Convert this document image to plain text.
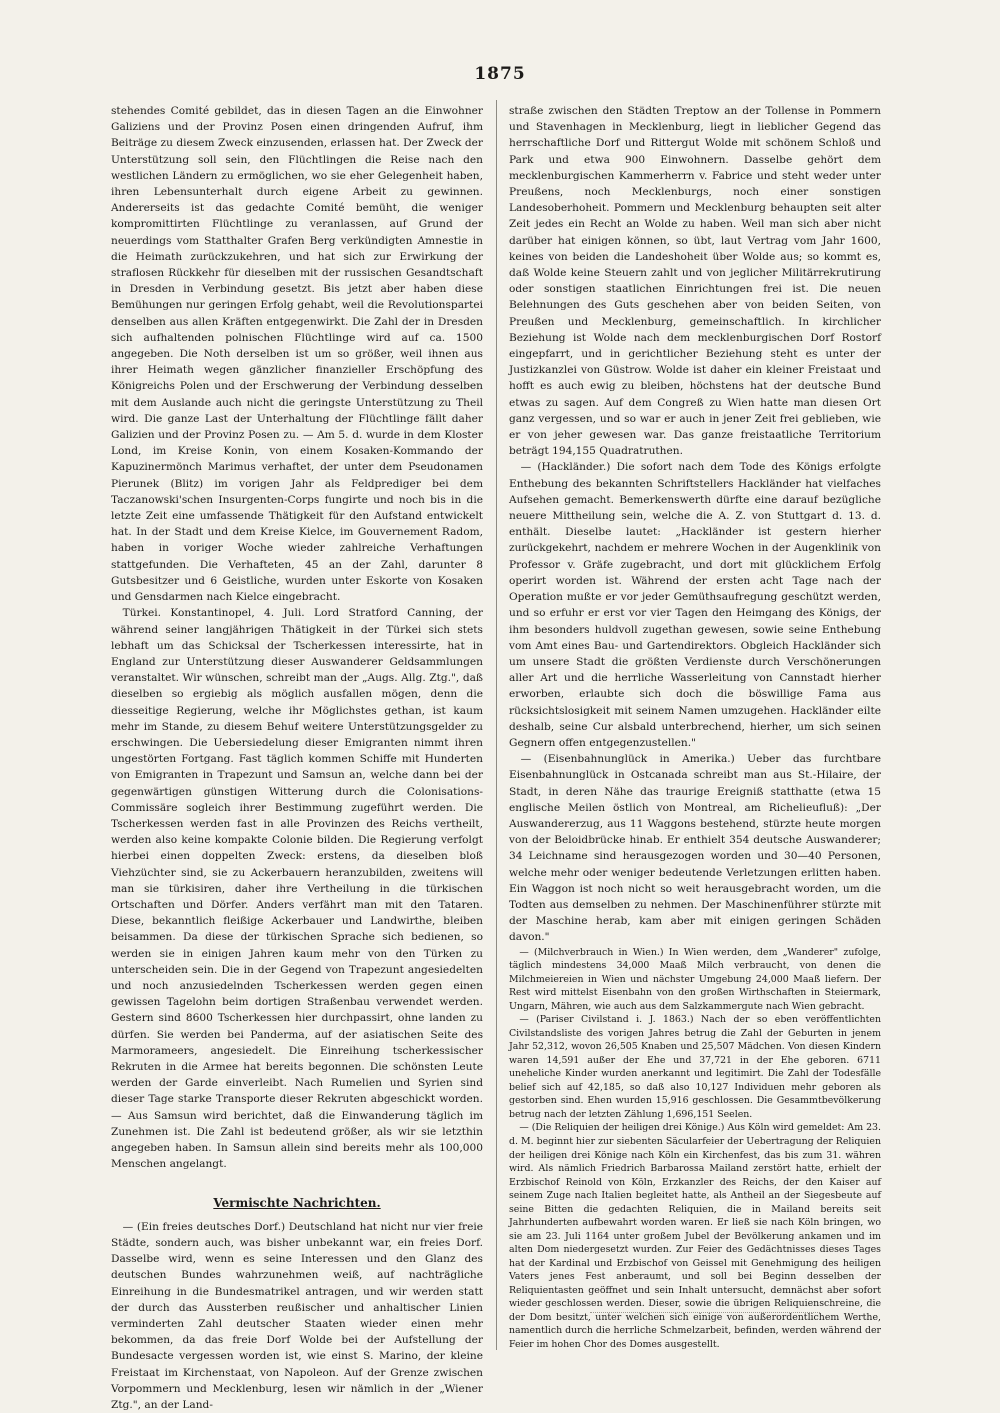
1875

stehendes Comité gebildet, das in diesen Tagen an die Einwohner Galiziens und der Provinz Posen einen dringenden Aufruf, ihm Beiträge zu diesem Zweck einzusenden, erlassen hat. Der Zweck der Unterstützung soll sein, den Flüchtlingen die Reise nach den westlichen Ländern zu ermöglichen, wo sie eher Gelegenheit haben, ihren Lebensunterhalt durch eigene Arbeit zu gewinnen. Andererseits ist das gedachte Comité bemüht, die weniger kompromittirten Flüchtlinge zu veranlassen, auf Grund der neuerdings vom Statthalter Grafen Berg verkündigten Amnestie in die Heimath zurückzukehren, und hat sich zur Erwirkung der straflosen Rückkehr für dieselben mit der russischen Gesandtschaft in Dresden in Verbindung gesetzt. Bis jetzt aber haben diese Bemühungen nur geringen Erfolg gehabt, weil die Revolutionspartei denselben aus allen Kräften entgegenwirkt. Die Zahl der in Dresden sich aufhaltenden polnischen Flüchtlinge wird auf ca. 1500 angegeben. Die Noth derselben ist um so größer, weil ihnen aus ihrer Heimath wegen gänzlicher finanzieller Erschöpfung des Königreichs Polen und der Erschwerung der Verbindung desselben mit dem Auslande auch nicht die geringste Unterstützung zu Theil wird. Die ganze Last der Unterhaltung der Flüchtlinge fällt daher Galizien und der Provinz Posen zu. — Am 5. d. wurde in dem Kloster Lond, im Kreise Konin, von einem Kosaken-Kommando der Kapuzinermönch Marimus verhaftet, der unter dem Pseudonamen Pierunek (Blitz) im vorigen Jahr als Feldprediger bei dem Taczanowski'schen Insurgenten-Corps fungirte und noch bis in die letzte Zeit eine umfassende Thätigkeit für den Aufstand entwickelt hat. In der Stadt und dem Kreise Kielce, im Gouvernement Radom, haben in voriger Woche wieder zahlreiche Verhaftungen stattgefunden. Die Verhafteten, 45 an der Zahl, darunter 8 Gutsbesitzer und 6 Geistliche, wurden unter Eskorte von Kosaken und Gensdarmen nach Kielce eingebracht.

Türkei. Konstantinopel, 4. Juli. Lord Stratford Canning, der während seiner langjährigen Thätigkeit in der Türkei sich stets lebhaft um das Schicksal der Tscherkessen interessirte, hat in England zur Unterstützung dieser Auswanderer Geldsammlungen veranstaltet. Wir wünschen, schreibt man der „Augs. Allg. Ztg.", daß dieselben so ergiebig als möglich ausfallen mögen, denn die diesseitige Regierung, welche ihr Möglichstes gethan, ist kaum mehr im Stande, zu diesem Behuf weitere Unterstützungsgelder zu erschwingen. Die Uebersiedelung dieser Emigranten nimmt ihren ungestörten Fortgang. Fast täglich kommen Schiffe mit Hunderten von Emigranten in Trapezunt und Samsun an, welche dann bei der gegenwärtigen günstigen Witterung durch die Colonisations-Commissäre sogleich ihrer Bestimmung zugeführt werden. Die Tscherkessen werden fast in alle Provinzen des Reichs vertheilt, werden also keine kompakte Colonie bilden. Die Regierung verfolgt hierbei einen doppelten Zweck: erstens, da dieselben bloß Viehzüchter sind, sie zu Ackerbauern heranzubilden, zweitens will man sie türkisiren, daher ihre Vertheilung in die türkischen Ortschaften und Dörfer. Anders verfährt man mit den Tataren. Diese, bekanntlich fleißige Ackerbauer und Landwirthe, bleiben beisammen. Da diese der türkischen Sprache sich bedienen, so werden sie in einigen Jahren kaum mehr von den Türken zu unterscheiden sein. Die in der Gegend von Trapezunt angesiedelten und noch anzusiedelnden Tscherkessen werden gegen einen gewissen Tagelohn beim dortigen Straßenbau verwendet werden. Gestern sind 8600 Tscherkessen hier durchpassirt, ohne landen zu dürfen. Sie werden bei Panderma, auf der asiatischen Seite des Marmorameers, angesiedelt. Die Einreihung tscherkessischer Rekruten in die Armee hat bereits begonnen. Die schönsten Leute werden der Garde einverleibt. Nach Rumelien und Syrien sind dieser Tage starke Transporte dieser Rekruten abgeschickt worden. — Aus Samsun wird berichtet, daß die Einwanderung täglich im Zunehmen ist. Die Zahl ist bedeutend größer, als wir sie letzthin angegeben haben. In Samsun allein sind bereits mehr als 100,000 Menschen angelangt.

Vermischte Nachrichten.

— (Ein freies deutsches Dorf.) Deutschland hat nicht nur vier freie Städte, sondern auch, was bisher unbekannt war, ein freies Dorf. Dasselbe wird, wenn es seine Interessen und den Glanz des deutschen Bundes wahrzunehmen weiß, auf nachträgliche Einreihung in die Bundesmatrikel antragen, und wir werden statt der durch das Aussterben reußischer und anhaltischer Linien verminderten Zahl deutscher Staaten wieder einen mehr bekommen, da das freie Dorf Wolde bei der Aufstellung der Bundesacte vergessen worden ist, wie einst S. Marino, der kleine Freistaat im Kirchenstaat, von Napoleon. Auf der Grenze zwischen Vorpommern und Mecklenburg, lesen wir nämlich in der „Wiener Ztg.", an der Land-

straße zwischen den Städten Treptow an der Tollense in Pommern und Stavenhagen in Mecklenburg, liegt in lieblicher Gegend das herrschaftliche Dorf und Rittergut Wolde mit schönem Schloß und Park und etwa 900 Einwohnern. Dasselbe gehört dem mecklenburgischen Kammerherrn v. Fabrice und steht weder unter Preußens, noch Mecklenburgs, noch einer sonstigen Landesoberhoheit. Pommern und Mecklenburg behaupten seit alter Zeit jedes ein Recht an Wolde zu haben. Weil man sich aber nicht darüber hat einigen können, so übt, laut Vertrag vom Jahr 1600, keines von beiden die Landeshoheit über Wolde aus; so kommt es, daß Wolde keine Steuern zahlt und von jeglicher Militärrekrutirung oder sonstigen staatlichen Einrichtungen frei ist. Die neuen Belehnungen des Guts geschehen aber von beiden Seiten, von Preußen und Mecklenburg, gemeinschaftlich. In kirchlicher Beziehung ist Wolde nach dem mecklenburgischen Dorf Rostorf eingepfarrt, und in gerichtlicher Beziehung steht es unter der Justizkanzlei von Güstrow. Wolde ist daher ein kleiner Freistaat und hofft es auch ewig zu bleiben, höchstens hat der deutsche Bund etwas zu sagen. Auf dem Congreß zu Wien hatte man diesen Ort ganz vergessen, und so war er auch in jener Zeit frei geblieben, wie er von jeher gewesen war. Das ganze freistaatliche Territorium beträgt 194,155 Quadratruthen.

— (Hackländer.) Die sofort nach dem Tode des Königs erfolgte Enthebung des bekannten Schriftstellers Hackländer hat vielfaches Aufsehen gemacht. Bemerkenswerth dürfte eine darauf bezügliche neuere Mittheilung sein, welche die A. Z. von Stuttgart d. 13. d. enthält. Dieselbe lautet: „Hackländer ist gestern hierher zurückgekehrt, nachdem er mehrere Wochen in der Augenklinik von Professor v. Gräfe zugebracht, und dort mit glücklichem Erfolg operirt worden ist. Während der ersten acht Tage nach der Operation mußte er vor jeder Gemüthsaufregung geschützt werden, und so erfuhr er erst vor vier Tagen den Heimgang des Königs, der ihm besonders huldvoll zugethan gewesen, sowie seine Enthebung vom Amt eines Bau- und Gartendirektors. Obgleich Hackländer sich um unsere Stadt die größten Verdienste durch Verschönerungen aller Art und die herrliche Wasserleitung von Cannstadt hierher erworben, erlaubte sich doch die böswillige Fama aus rücksichtslosigkeit mit seinem Namen umzugehen. Hackländer eilte deshalb, seine Cur alsbald unterbrechend, hierher, um sich seinen Gegnern offen entgegenzustellen."

— (Eisenbahnunglück in Amerika.) Ueber das furchtbare Eisenbahnunglück in Ostcanada schreibt man aus St.-Hilaire, der Stadt, in deren Nähe das traurige Ereigniß statthatte (etwa 15 englische Meilen östlich von Montreal, am Richelieufluß): „Der Auswandererzug, aus 11 Waggons bestehend, stürzte heute morgen von der Beloidbrücke hinab. Er enthielt 354 deutsche Auswanderer; 34 Leichname sind herausgezogen worden und 30—40 Personen, welche mehr oder weniger bedeutende Verletzungen erlitten haben. Ein Waggon ist noch nicht so weit herausgebracht worden, um die Todten aus demselben zu nehmen. Der Maschinenführer stürzte mit der Maschine herab, kam aber mit einigen geringen Schäden davon."

— (Milchverbrauch in Wien.) In Wien werden, dem „Wanderer" zufolge, täglich mindestens 34,000 Maaß Milch verbraucht, von denen die Milchmeiereien in Wien und nächster Umgebung 24,000 Maaß liefern. Der Rest wird mittelst Eisenbahn von den großen Wirthschaften in Steiermark, Ungarn, Mähren, wie auch aus dem Salzkammergute nach Wien gebracht.

— (Pariser Civilstand i. J. 1863.) Nach der so eben veröffentlichten Civilstandsliste des vorigen Jahres betrug die Zahl der Geburten in jenem Jahr 52,312, wovon 26,505 Knaben und 25,507 Mädchen. Von diesen Kindern waren 14,591 außer der Ehe und 37,721 in der Ehe geboren. 6711 uneheliche Kinder wurden anerkannt und legitimirt. Die Zahl der Todesfälle belief sich auf 42,185, so daß also 10,127 Individuen mehr geboren als gestorben sind. Ehen wurden 15,916 geschlossen. Die Gesammtbevölkerung betrug nach der letzten Zählung 1,696,151 Seelen.

— (Die Reliquien der heiligen drei Könige.) Aus Köln wird gemeldet: Am 23. d. M. beginnt hier zur siebenten Säcularfeier der Uebertragung der Reliquien der heiligen drei Könige nach Köln ein Kirchenfest, das bis zum 31. währen wird. Als nämlich Friedrich Barbarossa Mailand zerstört hatte, erhielt der Erzbischof Reinold von Köln, Erzkanzler des Reichs, der den Kaiser auf seinem Zuge nach Italien begleitet hatte, als Antheil an der Siegesbeute auf seine Bitten die gedachten Reliquien, die in Mailand bereits seit Jahrhunderten aufbewahrt worden waren. Er ließ sie nach Köln bringen, wo sie am 23. Juli 1164 unter großem Jubel der Bevölkerung ankamen und im alten Dom niedergesetzt wurden. Zur Feier des Gedächtnisses dieses Tages hat der Kardinal und Erzbischof von Geissel mit Genehmigung des heiligen Vaters jenes Fest anberaumt, und soll bei Beginn desselben der Reliquientasten geöffnet und sein Inhalt untersucht, demnächst aber sofort wieder geschlossen werden. Dieser, sowie die übrigen Reliquienschreine, die der Dom besitzt, unter welchen sich einige von außerordentlichem Werthe, namentlich durch die herrliche Schmelzarbeit, befinden, werden während der Feier im hohen Chor des Domes ausgestellt.
